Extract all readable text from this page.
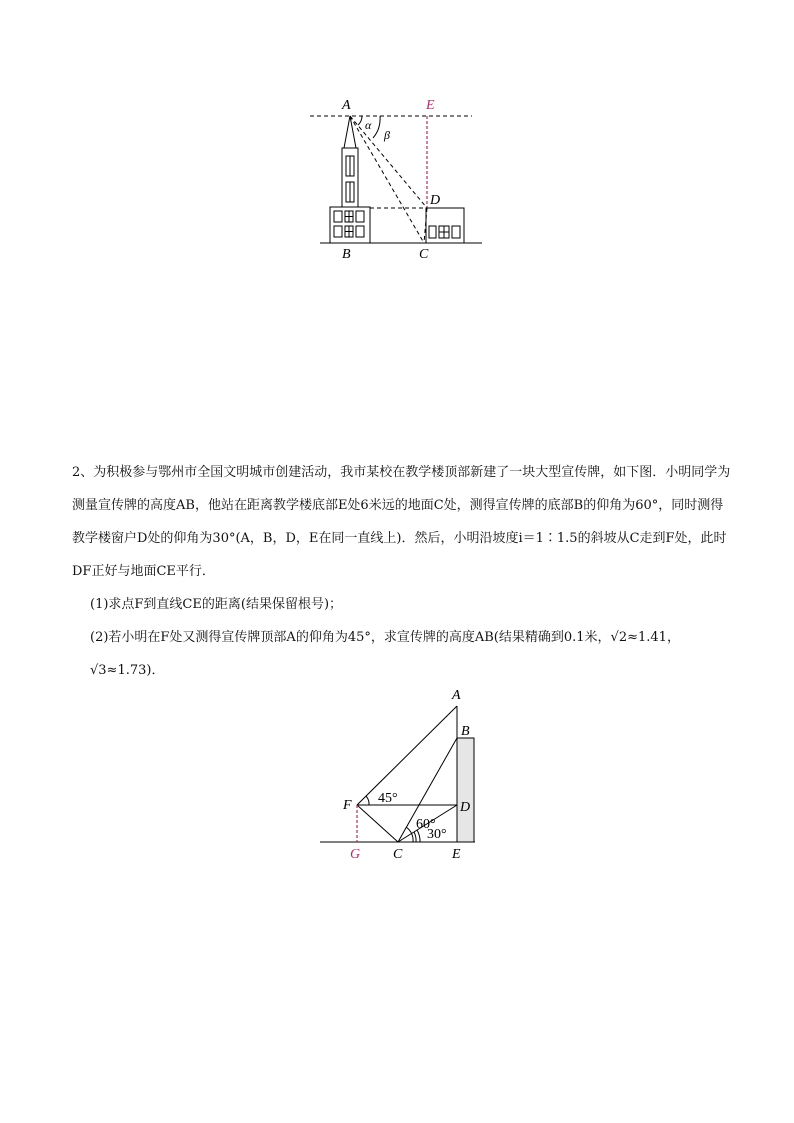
A	E
α
β
D
B	C

2、为积极参与鄂州市全国文明城市创建活动，我市某校在教学楼顶部新建了一块大型宣传牌，如下图．小明同学为测量宣传牌的高度AB，他站在距离教学楼底部E处6米远的地面C处，测得宣传牌的底部B的仰角为60°，同时测得教学楼窗户D处的仰角为30°(A，B，D，E在同一直线上)．然后，小明沿坡度i＝1∶1.5的斜坡从C走到F处，此时DF正好与地面CE平行．

(1)求点F到直线CE的距离(结果保留根号)；

(2)若小明在F处又测得宣传牌顶部A的仰角为45°，求宣传牌的高度AB(结果精确到0.1米，√2≈1.41，√3≈1.73)．

A
B
F	D
G C	E
45°
60°
30°
